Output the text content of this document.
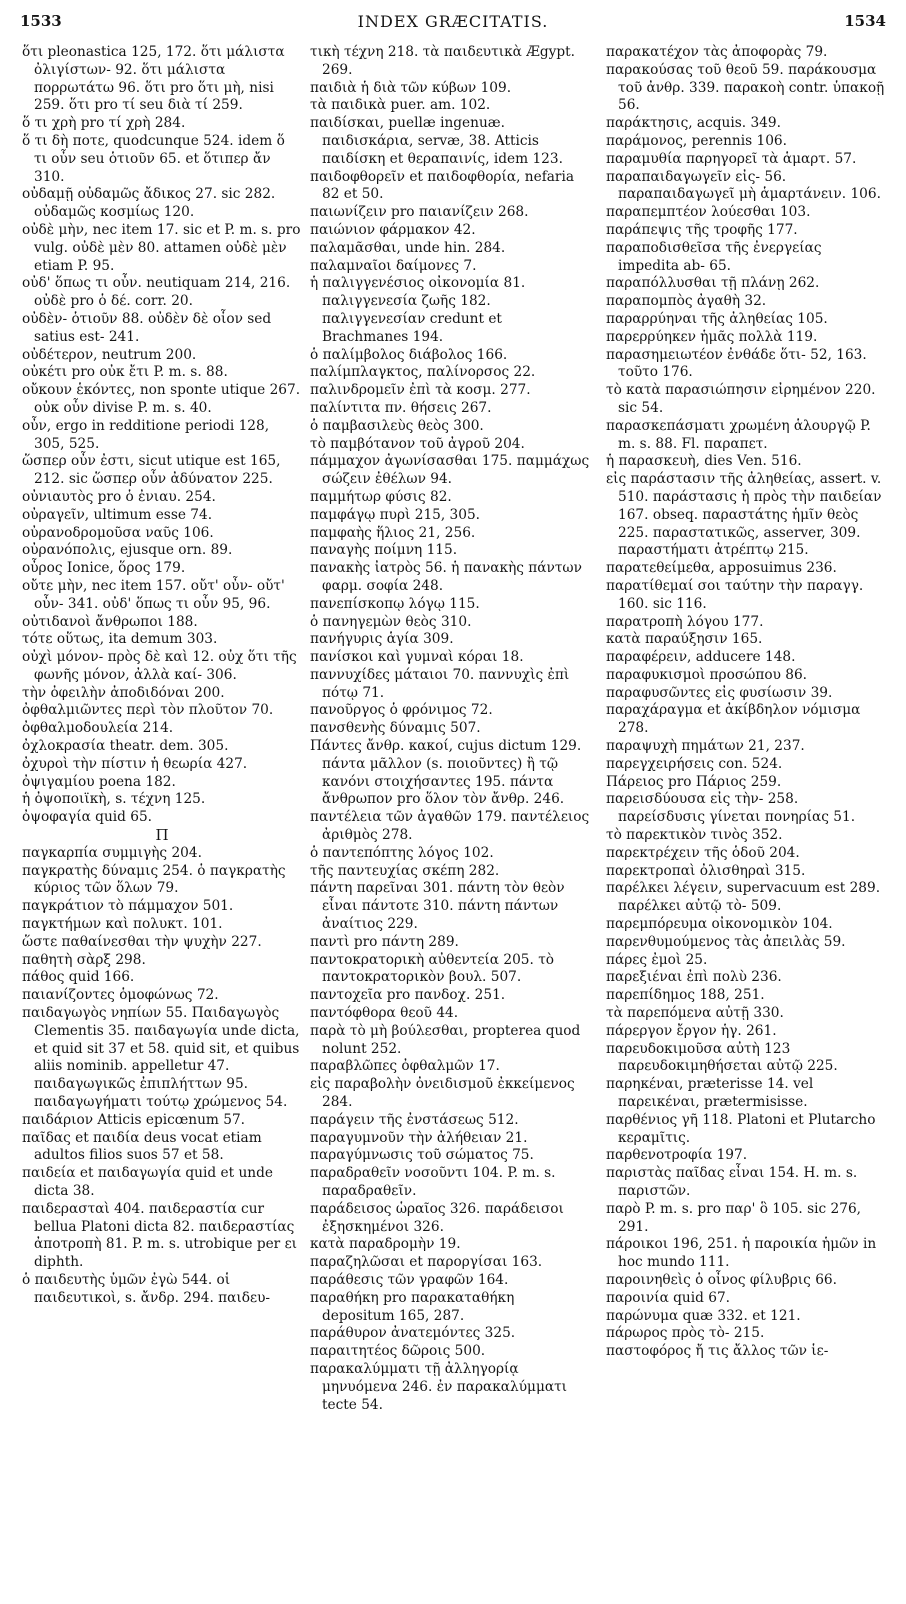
1533	INDEX GRÆCITATIS.	1534

ὅτι pleonastica 125, 172. ὅτι μάλιστα ὀλιγίστων- 92. ὅτι μάλιστα πορρωτάτω 96. ὅτι pro ὅτι μὴ, nisi 259. ὅτι pro τί seu διὰ τί 259.

ὅ τι χρὴ pro τί χρὴ 284.

ὅ τι δὴ ποτε, quodcunque 524. idem ὅ τι οὖν seu ὁτιοῦν 65. et ὅτιπερ ἄν 310.

οὐδαμῇ οὐδαμῶς ἄδικος 27. sic 282. οὐδαμῶς κοσμίως 120.

οὐδὲ μὴν, nec item 17. sic et P. m. s. pro vulg. οὐδὲ μὲν 80. attamen οὐδὲ μὲν etiam P. 95.

οὐδ' ὅπως τι οὖν. neutiquam 214, 216. οὐδὲ pro ὁ δέ. corr. 20.

οὐδὲν- ὁτιοῦν 88. οὐδὲν δὲ οἷον sed satius est- 241.

οὐδέτερον, neutrum 200.

οὐκέτι pro οὐκ ἔτι P. m. s. 88.

οὔκουν ἑκόντες, non sponte utique 267. οὐκ οὖν divise P. m. s. 40.

οὖν, ergo in redditione periodi 128, 305, 525.

ὥσπερ οὖν ἐστι, sicut utique est 165, 212. sic ὥσπερ οὖν ἀδύνατον 225.

οὐνιαυτὸς pro ὁ ἐνιαυ. 254.

οὐραγεῖν, ultimum esse 74.

οὐρανοδρομοῦσα ναῦς 106.

οὐρανόπολις, ejusque orn. 89.

οὖρος Ionice, ὅρος 179.

οὔτε μὴν, nec item 157. οὔτ' οὖν- οὔτ' οὖν- 341. οὐδ' ὅπως τι οὖν 95, 96.

οὐτιδανοὶ ἄνθρωποι 188.

τότε οὕτως, ita demum 303.

οὐχὶ μόνον- πρὸς δὲ καὶ 12. οὐχ ὅτι τῆς φωνῆς μόνον, ἀλλὰ καί- 306.

τὴν ὀφειλὴν ἀποδιδόναι 200.

ὀφθαλμιῶντες περὶ τὸν πλοῦτον 70.

ὀφθαλμοδουλεία 214.

ὀχλοκρασία theatr. dem. 305.

ὀχυροὶ τὴν πίστιν ἡ θεωρία 427.

ὀψιγαμίου poena 182.

ἡ ὀψοποιϊκὴ, s. τέχνη 125.

ὀψοφαγία quid 65.

Π

παγκαρπία συμμιγὴς 204.

παγκρατὴς δύναμις 254. ὁ παγκρατὴς κύριος τῶν ὅλων 79.

παγκράτιον τὸ πάμμαχον 501.

παγκτήμων καὶ πολυκτ. 101.

ὥστε παθαίνεσθαι τὴν ψυχὴν 227.

παθητὴ σὰρξ 298.

πάθος quid 166.

παιανίζοντες ὁμοφώνως 72.

παιδαγωγὸς νηπίων 55. Παιδαγωγὸς Clementis 35. παιδαγωγία unde dicta, et quid sit 37 et 58. quid sit, et quibus aliis nominib. appelletur 47. παιδαγωγικῶς ἐπιπλήττων 95. παιδαγωγήματι τούτῳ χρώμενος 54.

παιδάριον Atticis epicœnum 57.

παῖδας et παιδία deus vocat etiam adultos filios suos 57 et 58.

παιδεία et παιδαγωγία quid et unde dicta 38.

παιδερασταὶ 404. παιδεραστία cur bellua Platoni dicta 82. παιδεραστίας ἀποτροπὴ 81. P. m. s. utrobique per ει diphth.

ὁ παιδευτὴς ὑμῶν ἐγὼ 544. οἱ παιδευτικοὶ, s. ἄνδρ. 294. παιδευ-

τικὴ τέχνη 218. τὰ παιδευτικὰ Ægypt. 269.

παιδιὰ ἡ διὰ τῶν κύβων 109.

τὰ παιδικὰ puer. am. 102.

παιδίσκαι, puellæ ingenuæ. παιδισκάρια, servæ, 38. Atticis παιδίσκη et θεραπαινίς, idem 123.

παιδοφθορεῖν et παιδοφθορία, nefaria 82 et 50.

παιωνίζειν pro παιανίζειν 268.

παιώνιον φάρμακον 42.

παλαμᾶσθαι, unde hin. 284.

παλαμναῖοι δαίμονες 7.

ἡ παλιγγενέσιος οἰκονομία 81. παλιγγενεσία ζωῆς 182. παλιγγενεσίαν credunt et Brachmanes 194.

ὁ παλίμβολος διάβολος 166.

παλίμπλαγκτος, παλίνορσος 22.

παλινδρομεῖν ἐπὶ τὰ κοσμ. 277.

παλίντιτα πν. θήσεις 267.

ὁ παμβασιλεὺς θεὸς 300.

τὸ παμβότανον τοῦ ἀγροῦ 204.

πάμμαχον ἀγωνίσασθαι 175. παμμάχως σώζειν ἐθέλων 94.

παμμήτωρ φύσις 82.

παμφάγῳ πυρὶ 215, 305.

παμφαὴς ἥλιος 21, 256.

παναγὴς ποίμνη 115.

πανακὴς ἰατρὸς 56. ἡ πανακὴς πάντων φαρμ. σοφία 248.

πανεπίσκοπῳ λόγῳ 115.

ὁ πανηγεμὼν θεὸς 310.

πανήγυρις ἁγία 309.

πανίσκοι καὶ γυμναὶ κόραι 18.

παννυχίδες μάταιοι 70. παννυχὶς ἐπὶ πότῳ 71.

πανοῦργος ὁ φρόνιμος 72.

πανσθενὴς δύναμις 507.

Πάντες ἄνθρ. κακοί, cujus dictum 129. πάντα μᾶλλον (s. ποιοῦντες) ἢ τῷ κανόνι στοιχήσαντες 195. πάντα ἄνθρωπον pro ὅλον τὸν ἄνθρ. 246.

παντέλεια τῶν ἀγαθῶν 179. παντέλειος ἀριθμὸς 278.

ὁ παντεπόπτης λόγος 102.

τῆς παντευχίας σκέπη 282.

πάντη παρεῖναι 301. πάντη τὸν θεὸν εἶναι πάντοτε 310. πάντη πάντων ἀναίτιος 229.

παντὶ pro πάντη 289.

παντοκρατορικὴ αὐθεντεία 205. τὸ παντοκρατορικὸν βουλ. 507.

παντοχεῖα pro πανδοχ. 251.

παντόφθορα θεοῦ 44.

παρὰ τὸ μὴ βούλεσθαι, propterea quod nolunt 252.

παραβλῶπες ὀφθαλμῶν 17.

εἰς παραβολὴν ὀνειδισμοῦ ἐκκείμενος 284.

παράγειν τῆς ἐνστάσεως 512.

παραγυμνοῦν τὴν ἀλήθειαν 21.

παραγύμνωσις τοῦ σώματος 75.

παραδραθεῖν νοσοῦντι 104. P. m. s. παραδραθεῖν.

παράδεισος ὡραῖος 326. παράδεισοι ἐξησκημένοι 326.

κατὰ παραδρομὴν 19.

παραζηλῶσαι et παροργίσαι 163.

παράθεσις τῶν γραφῶν 164.

παραθήκη pro παρακαταθήκη depositum 165, 287.

παράθυρον ἀνατεμόντες 325.

παραιτητέος δῶροις 500.

παρακαλύμματι τῇ ἀλληγορίᾳ μηνυόμενα 246. ἐν παρακαλύμματι tecte 54.

παρακατέχον τὰς ἀποφορὰς 79.

παρακούσας τοῦ θεοῦ 59. παράκουσμα τοῦ ἀνθρ. 339. παρακοὴ contr. ὑπακοῇ 56.

παράκτησις, acquis. 349.

παράμονος, perennis 106.

παραμυθία παρηγορεῖ τὰ ἁμαρτ. 57.

παραπαιδαγωγεῖν εἰς- 56. παραπαιδαγωγεῖ μὴ ἁμαρτάνειν. 106.

παραπεμπτέον λούεσθαι 103.

παράπεψις τῆς τροφῆς 177.

παραποδισθεῖσα τῆς ἐνεργείας impedita ab- 65.

παραπόλλυσθαι τῇ πλάνῃ 262.

παραπομπὸς ἀγαθὴ 32.

παραρρύηναι τῆς ἀληθείας 105.

παρερρύηκεν ἡμᾶς πολλὰ 119.

παρασημειωτέον ἐνθάδε ὅτι- 52, 163. τοῦτο 176.

τὸ κατὰ παρασιώπησιν εἰρημένον 220. sic 54.

παρασκεπάσματι χρωμένη ἁλουργῷ P. m. s. 88. Fl. παραπετ.

ἡ παρασκευὴ, dies Ven. 516.

εἰς παράστασιν τῆς ἀληθείας, assert. v. 510. παράστασις ἡ πρὸς τὴν παιδείαν 167. obseq. παραστάτης ἡμῖν θεὸς 225. παραστατικῶς, asserver, 309. παραστήματι ἀτρέπτῳ 215.

παρατεθείμεθα, apposuimus 236.

παρατίθεμαί σοι ταύτην τὴν παραγγ. 160. sic 116.

παρατροπὴ λόγου 177.

κατὰ παραύξησιν 165.

παραφέρειν, adducere 148.

παραφυκισμοὶ προσώπου 86.

παραφυσῶντες εἰς φυσίωσιν 39.

παραχάραγμα et ἀκίβδηλον νόμισμα 278.

παραψυχὴ πημάτων 21, 237.

παρεγχειρήσεις con. 524.

Πάρειος pro Πάριος 259.

παρεισδύουσα εἰς τὴν- 258. παρείσδυσις γίνεται πονηρίας 51.

τὸ παρεκτικὸν τινὸς 352.

παρεκτρέχειν τῆς ὁδοῦ 204.

παρεκτροπαὶ ὀλισθηραὶ 315.

παρέλκει λέγειν, supervacuum est 289. παρέλκει αὐτῷ τὸ- 509.

παρεμπόρευμα οἰκονομικὸν 104.

παρενθυμούμενος τὰς ἀπειλὰς 59.

πάρες ἐμοὶ 25.

παρεξιέναι ἐπὶ πολὺ 236.

παρεπίδημος 188, 251.

τὰ παρεπόμενα αὐτῇ 330.

πάρεργον ἔργον ἡγ. 261.

παρευδοκιμοῦσα αὐτὴ 123 παρευδοκιμηθήσεται αὐτῷ 225.

παρηκέναι, præterisse 14. vel παρεικέναι, prætermisisse.

παρθένιος γῆ 118. Platoni et Plutarcho κεραμῖτις.

παρθενοτροφία 197.

παριστὰς παῖδας εἶναι 154. H. m. s. παριστῶν.

παρὸ P. m. s. pro παρ' ὃ 105. sic 276, 291.

πάροικοι 196, 251. ἡ παροικία ἡμῶν in hoc mundo 111.

παροινηθεὶς ὁ οἶνος φίλυβρις 66.

παροινία quid 67.

παρώνυμα quæ 332. et 121.

πάρωρος πρὸς τὸ- 215.

παστοφόρος ἤ τις ἄλλος τῶν ἱε-
